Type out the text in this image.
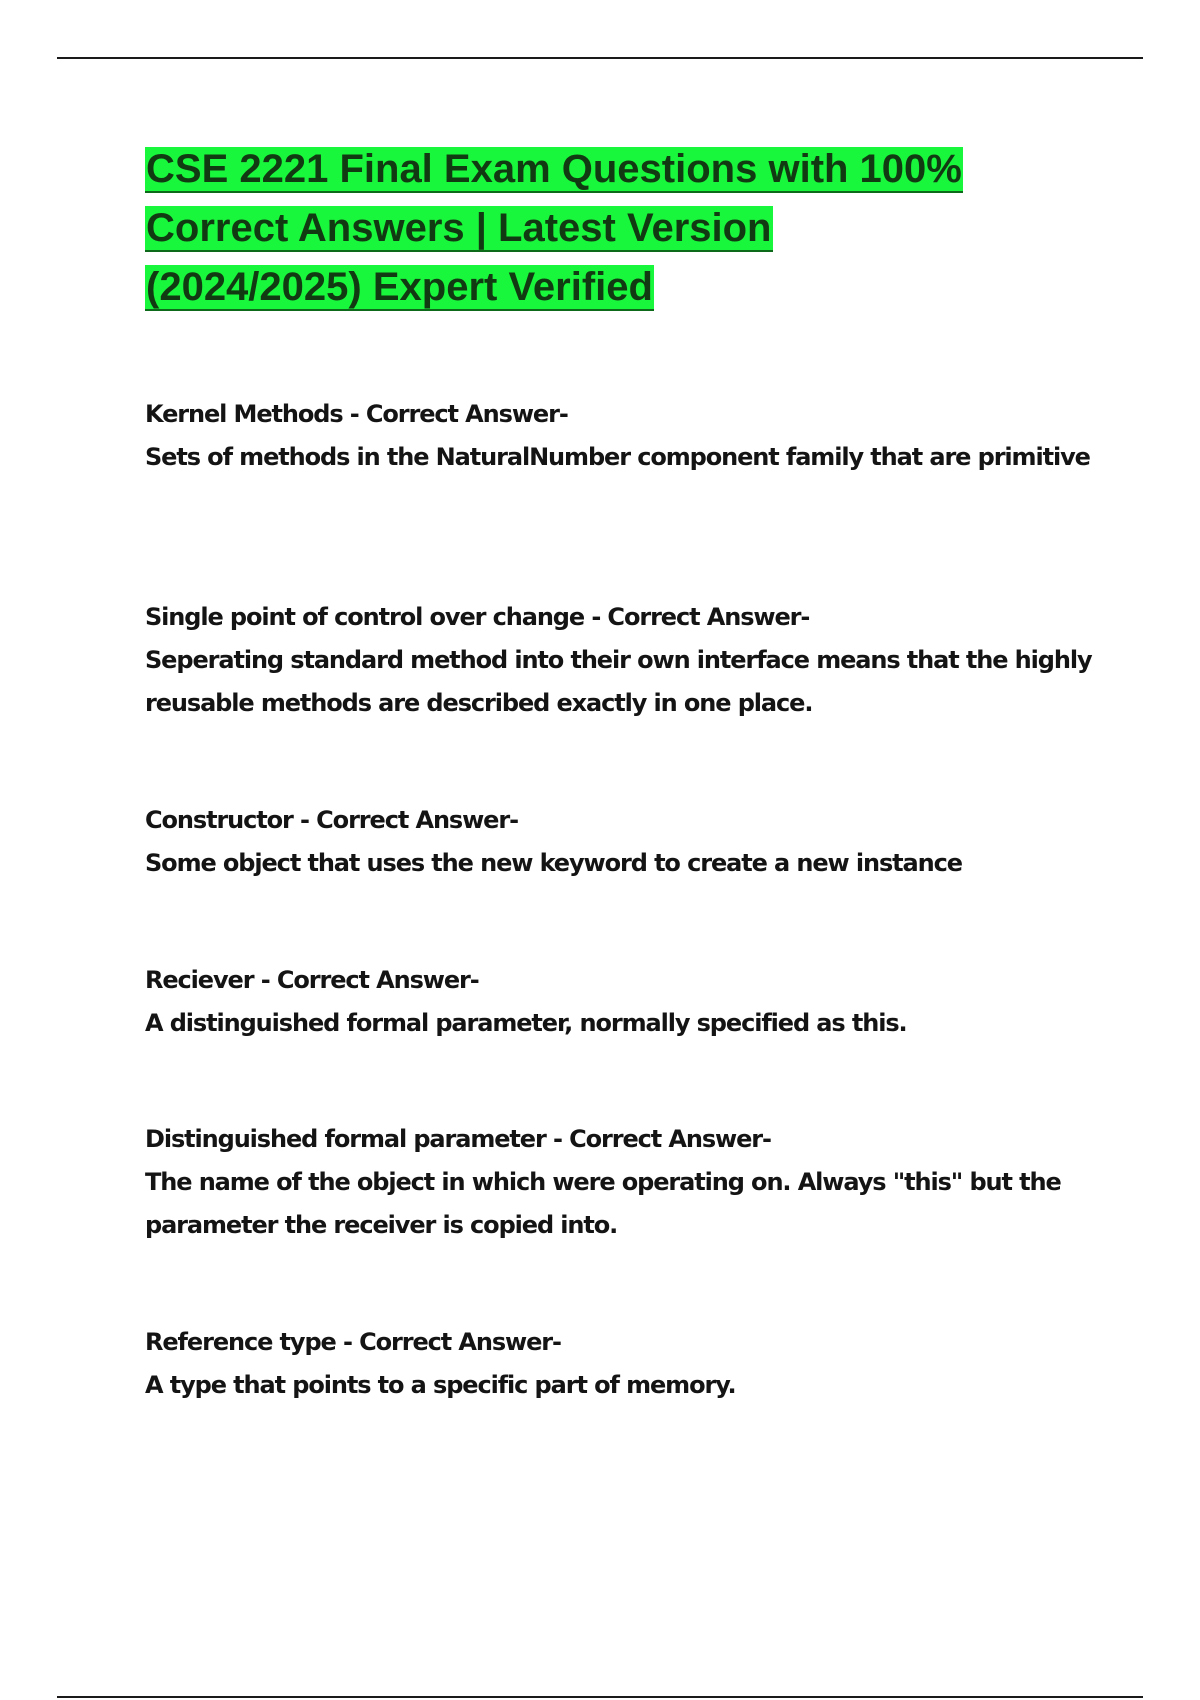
CSE 2221 Final Exam Questions with 100%
Correct Answers | Latest Version
(2024/2025) Expert Verified
Kernel Methods - Correct Answer-
Sets of methods in the NaturalNumber component family that are primitive
Single point of control over change - Correct Answer-
Seperating standard method into their own interface means that the highly reusable methods are described exactly in one place.
Constructor - Correct Answer-
Some object that uses the new keyword to create a new instance
Reciever - Correct Answer-
A distinguished formal parameter, normally specified as this.
Distinguished formal parameter - Correct Answer-
The name of the object in which were operating on. Always "this" but the parameter the receiver is copied into.
Reference type - Correct Answer-
A type that points to a specific part of memory.
